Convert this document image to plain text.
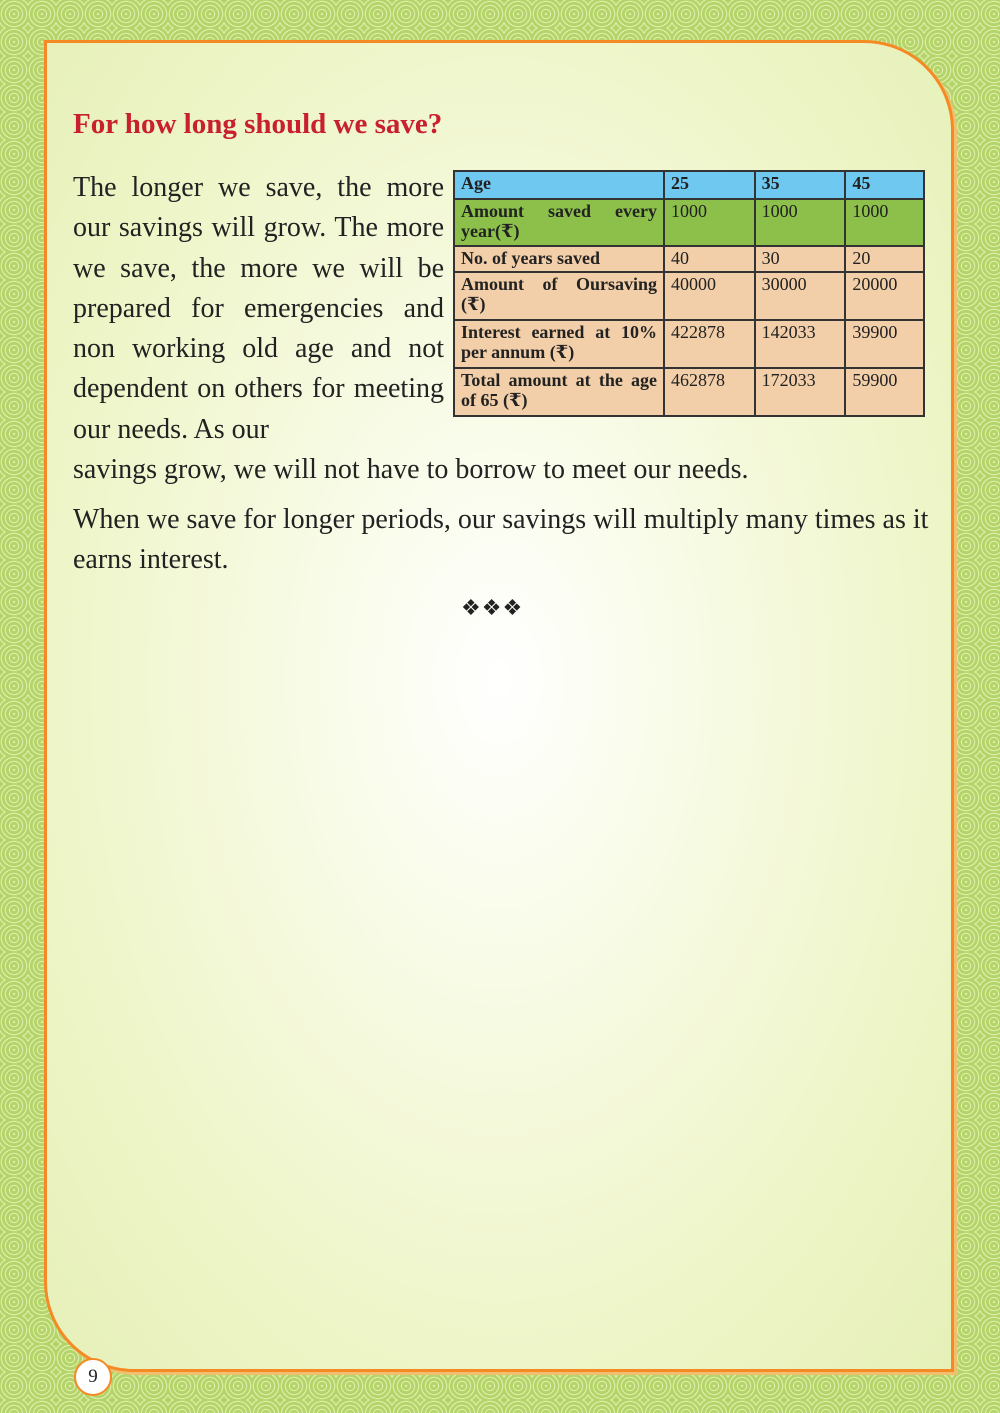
For how long should we save?

The longer we save, the more our savings will grow. The more we save, the more we will be prepared for emergencies and non working old age and not dependent on others for meeting our needs. As our

Age	25	35	45
Amount saved every year(₹)	1000	1000	1000
No. of years saved	40	30	20
Amount of Oursaving (₹)	40000	30000	20000
Interest earned at 10% per annum (₹)	422878	142033	39900
Total amount at the age of 65 (₹)	462878	172033	59900

savings grow, we will not have to borrow to meet our needs.

When we save for longer periods, our savings will multiply many times as it earns interest.

❖❖❖
9
